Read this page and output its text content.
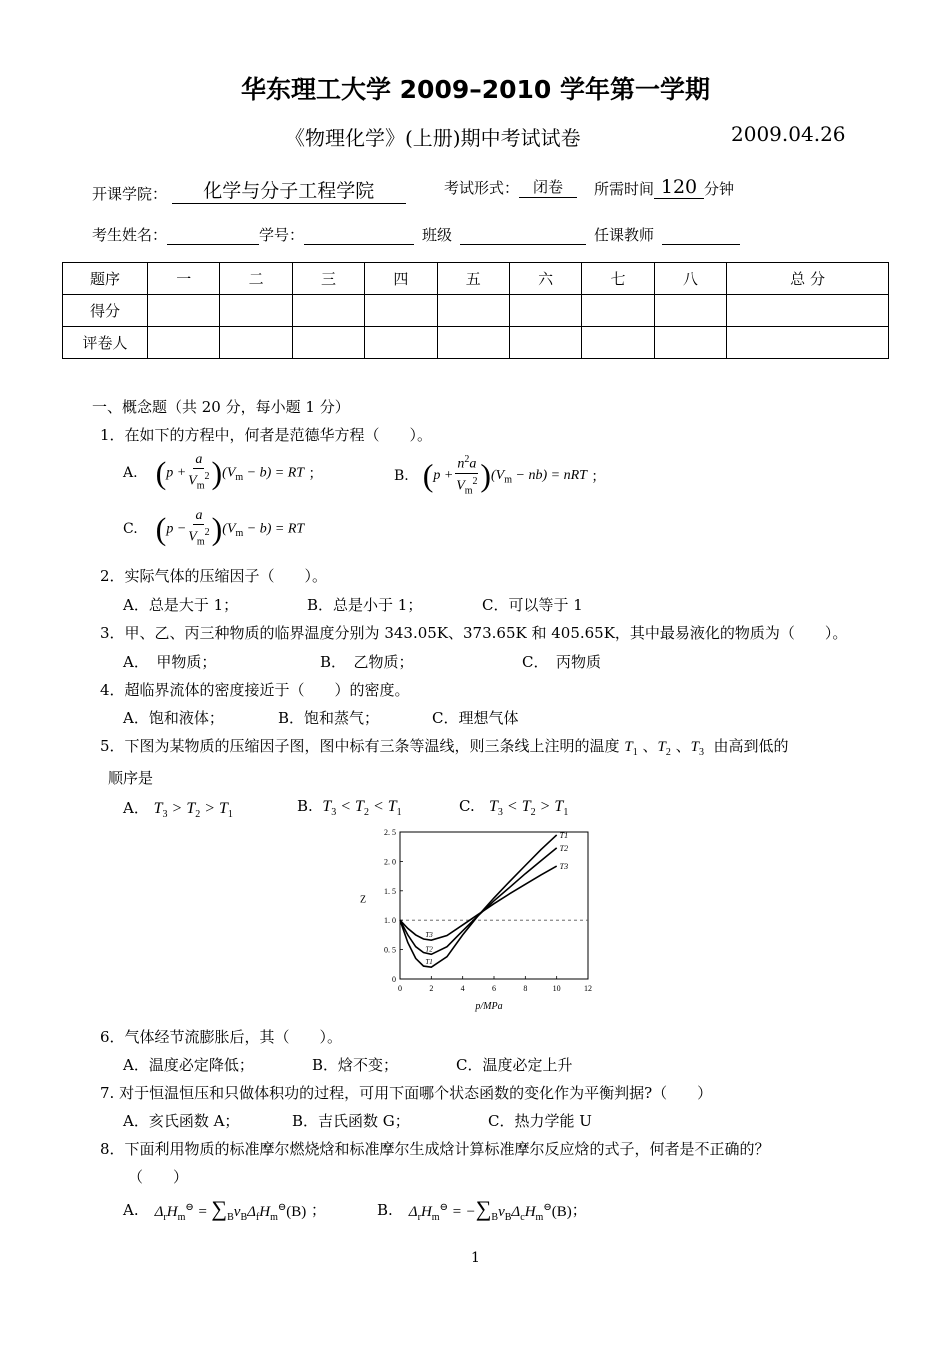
华东理工大学 2009–2010 学年第一学期
《物理化学》(上册)期中考试试卷	2009.04.26
开课学院： 化学与分子工程学院	考试形式： 闭卷	所需时间 120 分钟
考生姓名：	学号：	班级	任课教师
题序	一	二	三	四	五	六	七	八	总 分
得分									
评卷人									
一、概念题（共 20 分，每小题 1 分）
1．在如下的方程中，何者是范德华方程（　　）。
A. $(p + \frac{a}{V_m^2} )(V_m - b)$ = RT ；	B. $(p + \frac{n^2a}{V_m^2} )(V_m - nb)$ = nRT ；
C. $(p - \frac{a}{V_m^2} )(V_m - b)$ = RT
2．实际气体的压缩因子（　　）。
A．总是大于 1；	B．总是小于 1；	C．可以等于 1
3．甲、乙、丙三种物质的临界温度分别为 343.05K、373.65K 和 405.65K，其中最易液化的物质为（　　）。
A．　甲物质；	B．　乙物质；	C．　丙物质
4．超临界流体的密度接近于（　　）的密度。
A．饱和液体；	B．饱和蒸气；	C．理想气体
5．下图为某物质的压缩因子图，图中标有三条等温线，则三条线上注明的温度 $T_1$ 、$T_2$ 、$T_3$ 由高到低的
顺序是
A． $T_3 > T_2 > T_1$	B.  $T_3 < T_2 < T_1$	C.   $T_3 < T_2 > T_1$
0	2	4	6	8	10	12
0
0. 5
1. 0
1. 5
2. 0
2. 5
p/MPa
Z
T1
T1
T2
T2
T3
T3
6．气体经节流膨胀后，其（　　）。
A．温度必定降低；	B．焓不变；	C．温度必定上升
7. 对于恒温恒压和只做体积功的过程，可用下面哪个状态函数的变化作为平衡判据?（　　）
A．亥氏函数 A；	B．吉氏函数 G；	C．热力学能 U
8．下面利用物质的标准摩尔燃烧焓和标准摩尔生成焓计算标准摩尔反应焓的式子，何者是不正确的？
（　　）
A. $\Delta_rH_m^⊖ = \sum_B\nu_B\Delta_fH_m^⊖(B)$ ；	B. $\Delta_rH_m^⊖ = -\sum_B\nu_B\Delta_cH_m^⊖(B)$ ；
1
